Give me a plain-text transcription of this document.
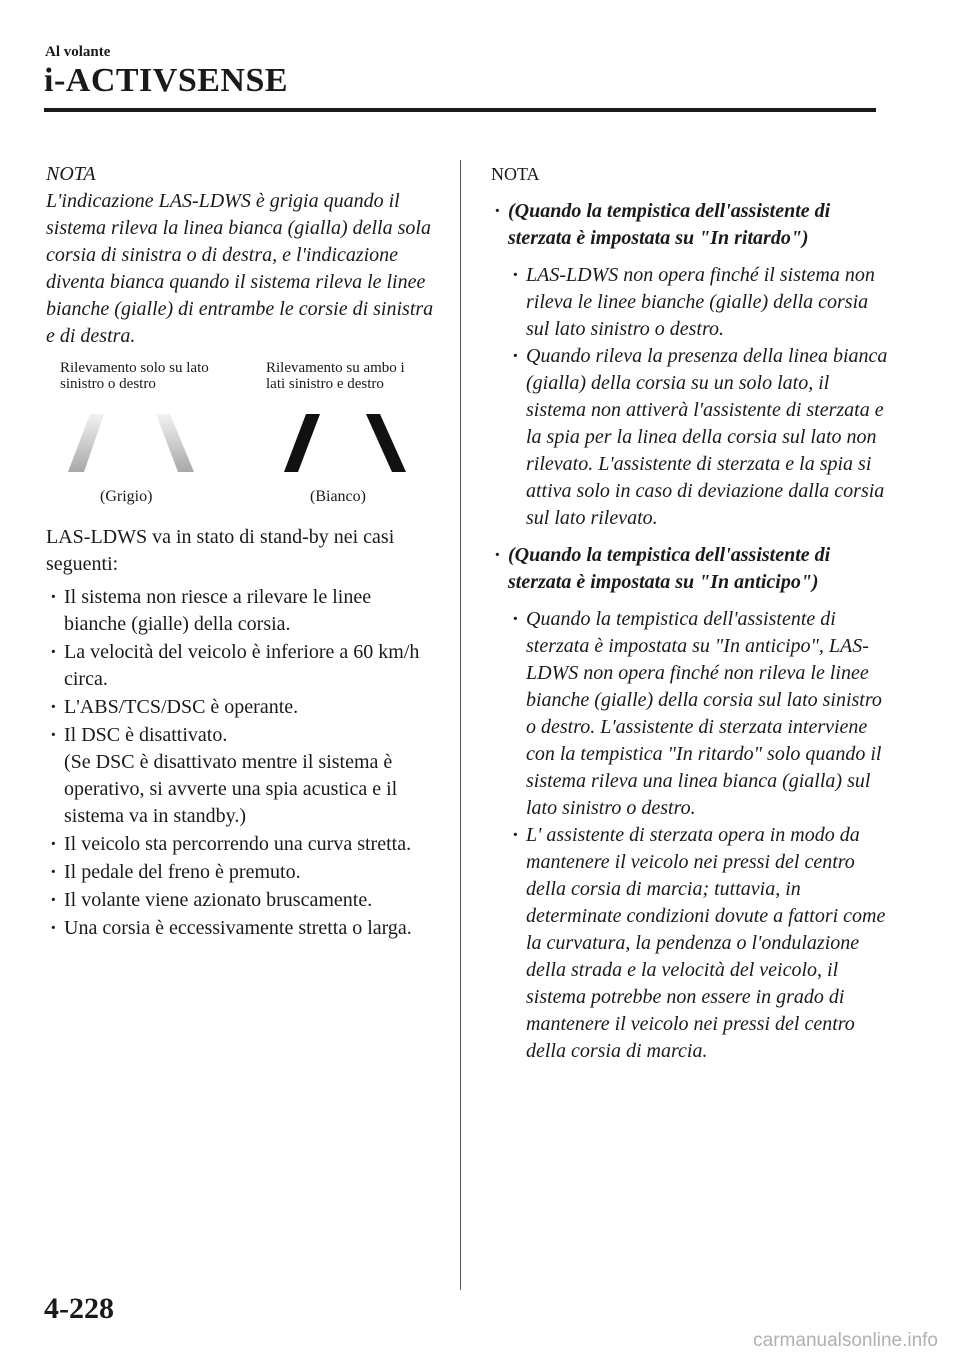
Al volante
i-ACTIVSENSE
NOTA

L'indicazione LAS-LDWS è grigia quando il sistema rileva la linea bianca (gialla) della sola corsia di sinistra o di destra, e l'indicazione diventa bianca quando il sistema rileva le linee bianche (gialle) di entrambe le corsie di sinistra e di destra.

Rilevamento solo su lato sinistro o destro
Rilevamento su ambo i lati sinistro e destro
(Grigio)	(Bianco)

LAS-LDWS va in stato di stand-by nei casi seguenti:

· Il sistema non riesce a rilevare le linee bianche (gialle) della corsia.
· La velocità del veicolo è inferiore a 60 km/h circa.
· L'ABS/TCS/DSC è operante.
· Il DSC è disattivato.
(Se DSC è disattivato mentre il sistema è operativo, si avverte una spia acustica e il sistema va in standby.)
· Il veicolo sta percorrendo una curva stretta.
· Il pedale del freno è premuto.
· Il volante viene azionato bruscamente.
· Una corsia è eccessivamente stretta o larga.
NOTA
· (Quando la tempistica dell'assistente di sterzata è impostata su "In ritardo")
· LAS-LDWS non opera finché il sistema non rileva le linee bianche (gialle) della corsia sul lato sinistro o destro.
· Quando rileva la presenza della linea bianca (gialla) della corsia su un solo lato, il sistema non attiverà l'assistente di sterzata e la spia per la linea della corsia sul lato non rilevato. L'assistente di sterzata e la spia si attiva solo in caso di deviazione dalla corsia sul lato rilevato.
· (Quando la tempistica dell'assistente di sterzata è impostata su "In anticipo")
· Quando la tempistica dell'assistente di sterzata è impostata su "In anticipo", LAS-LDWS non opera finché non rileva le linee bianche (gialle) della corsia sul lato sinistro o destro. L'assistente di sterzata interviene con la tempistica "In ritardo" solo quando il sistema rileva una linea bianca (gialla) sul lato sinistro o destro.
· L' assistente di sterzata opera in modo da mantenere il veicolo nei pressi del centro della corsia di marcia; tuttavia, in determinate condizioni dovute a fattori come la curvatura, la pendenza o l'ondulazione della strada e la velocità del veicolo, il sistema potrebbe non essere in grado di mantenere il veicolo nei pressi del centro della corsia di marcia.
4-228
carmanualsonline.info
